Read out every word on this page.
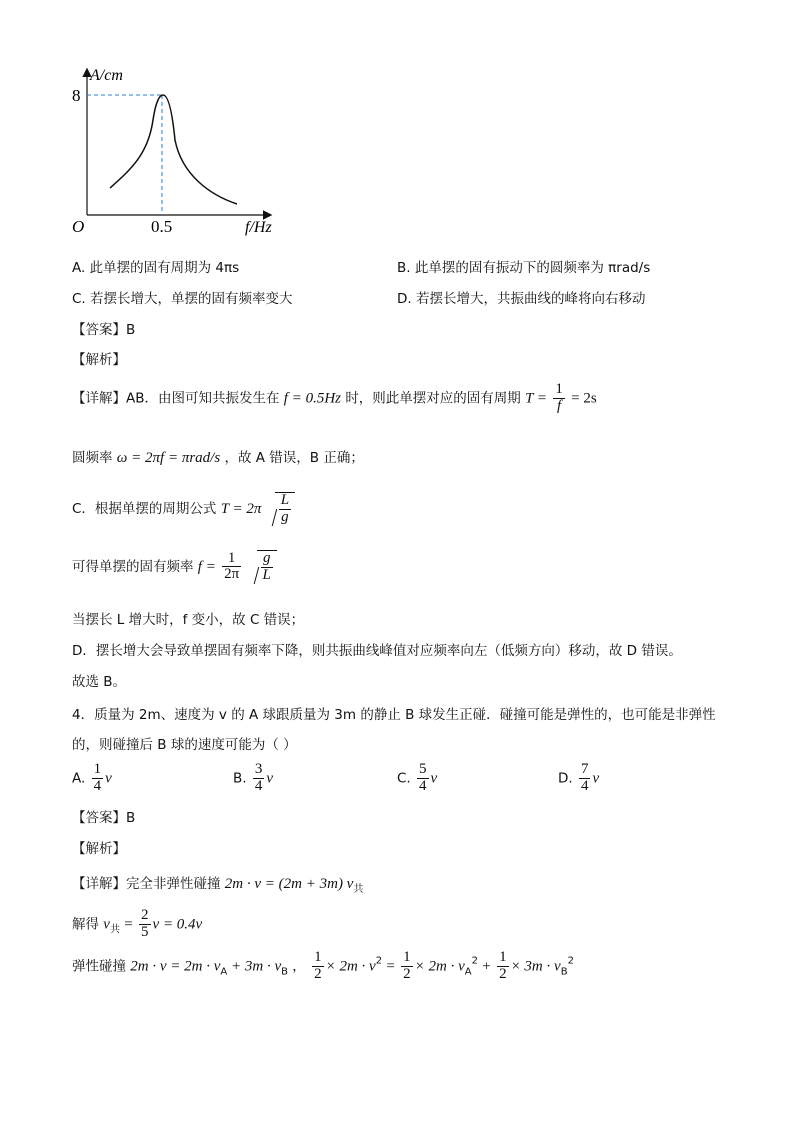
A/cm
8
O	0.5	f/Hz
A. 此单摆的固有周期为 4πs	B. 此单摆的固有振动下的圆频率为 πrad/s
C. 若摆长增大，单摆的固有频率变大	D. 若摆长增大，共振曲线的峰将向右移动
【答案】B
【解析】
【详解】AB．由图可知共振发生在 f = 0.5Hz 时，则此单摆对应的固有周期 $T = \frac{1}{f} = 2s$
圆频率 ω = 2πf = πrad/s ，故 A 错误，B 正确；
C．根据单摆的周期公式 $T = 2\pi \frac{L}{g}$
可得单摆的固有频率 $f = \frac{1}{2\pi}$
$\frac{g}{L}$
当摆长 L 增大时，f 变小，故 C 错误；
D．摆长增大会导致单摆固有频率下降，则共振曲线峰值对应频率向左（低频方向）移动，故 D 错误。
故选 B。
4．质量为 2m、速度为 v 的 A 球跟质量为 3m 的静止 B 球发生正碰．碰撞可能是弹性的，也可能是非弹性
的，则碰撞后 B 球的速度可能为（ ）
A. $\frac{1}{4}$ v	B. $\frac{3}{4}$ v	C. $\frac{5}{4}$ v	D. $\frac{7}{4}$ v
【答案】B
【解析】
【详解】完全非弹性碰撞 2m · v = (2m + 3m) $v_共$
解得 $v_共 = \frac{2}{5}$ v = 0.4v
弹性碰撞 $2m \cdot v = 2m \cdot v_A + 3m \cdot v_B$ ， $\frac{1}{2} \times 2m \cdot v^2 = \frac{1}{2} \times 2m \cdot v_A^2 + \frac{1}{2} \times 3m \cdot v_B^2$
